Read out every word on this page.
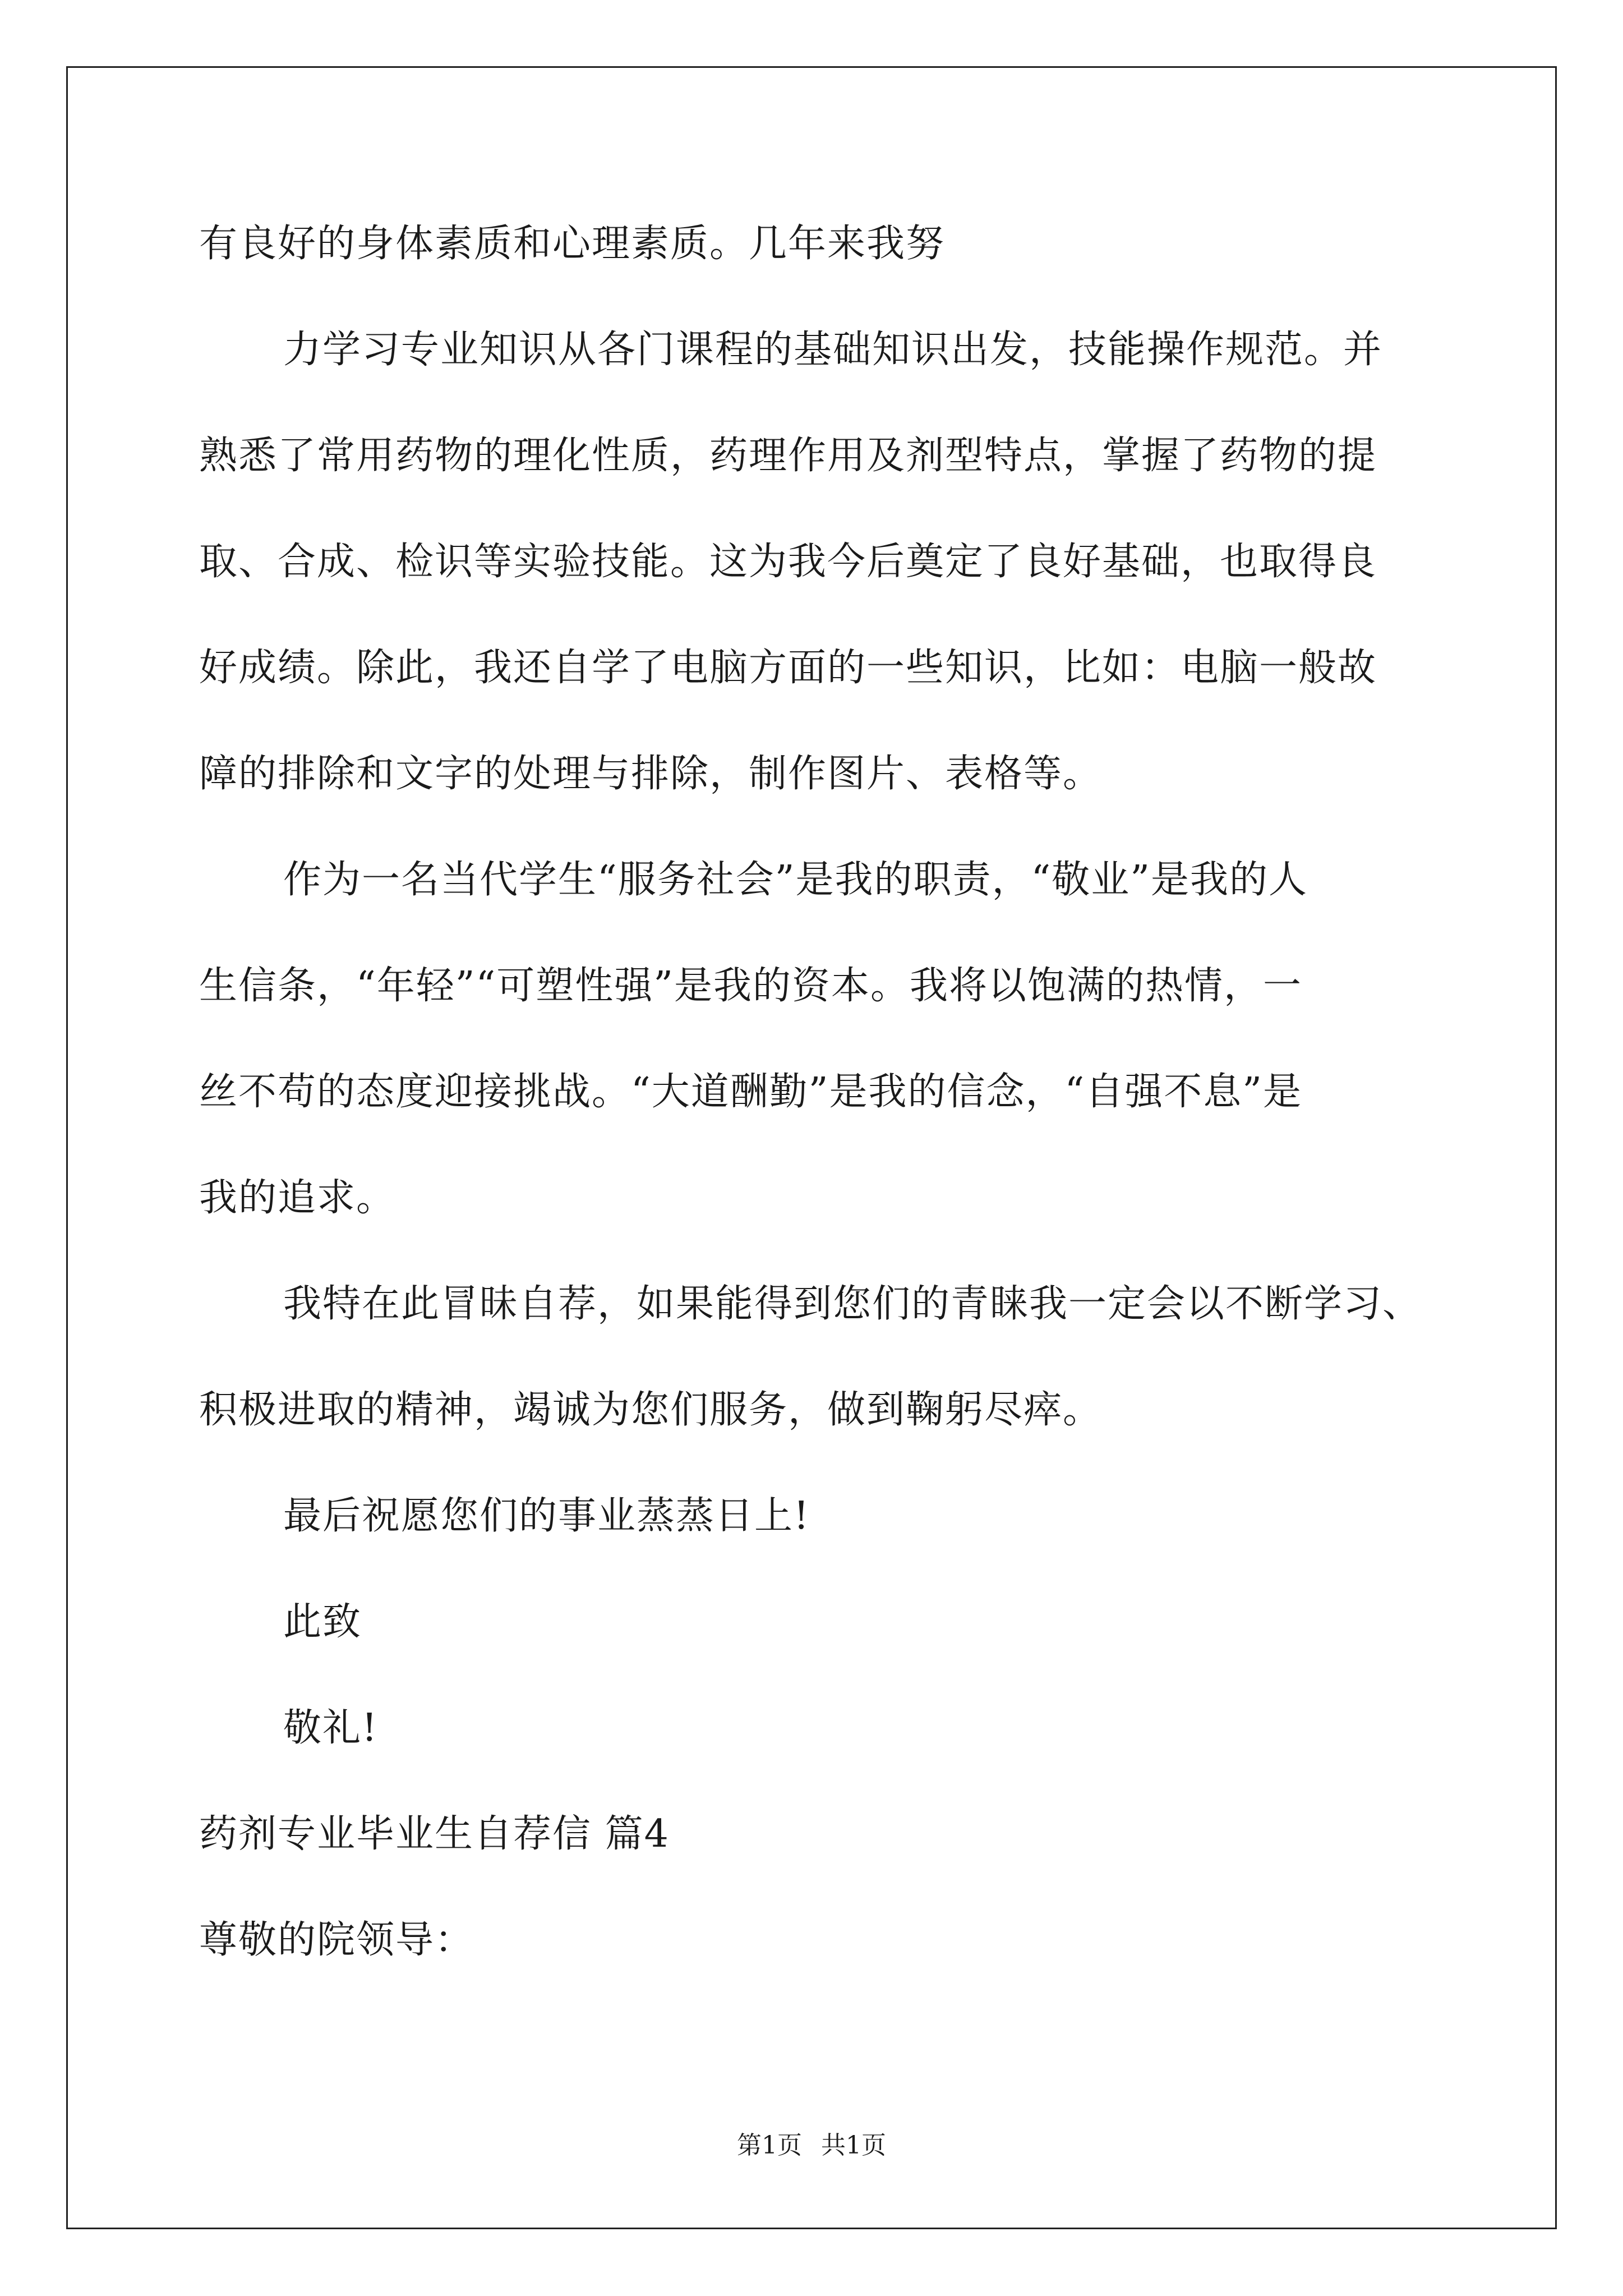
有良好的身体素质和心理素质。几年来我努
力学习专业知识从各门课程的基础知识出发，技能操作规范。并
熟悉了常用药物的理化性质，药理作用及剂型特点，掌握了药物的提
取、合成、检识等实验技能。这为我今后奠定了良好基础，也取得良
好成绩。除此，我还自学了电脑方面的一些知识，比如：电脑一般故
障的排除和文字的处理与排除，制作图片、表格等。
作为一名当代学生“服务社会”是我的职责，“敬业”是我的人
生信条，“年轻”“可塑性强”是我的资本。我将以饱满的热情，一
丝不苟的态度迎接挑战。“大道酬勤”是我的信念，“自强不息”是
我的追求。
我特在此冒昧自荐，如果能得到您们的青睐我一定会以不断学习、
积极进取的精神，竭诚为您们服务，做到鞠躬尽瘁。
最后祝愿您们的事业蒸蒸日上!
此致
敬礼!
药剂专业毕业生自荐信 篇4
尊敬的院领导：
第1页 共1页
